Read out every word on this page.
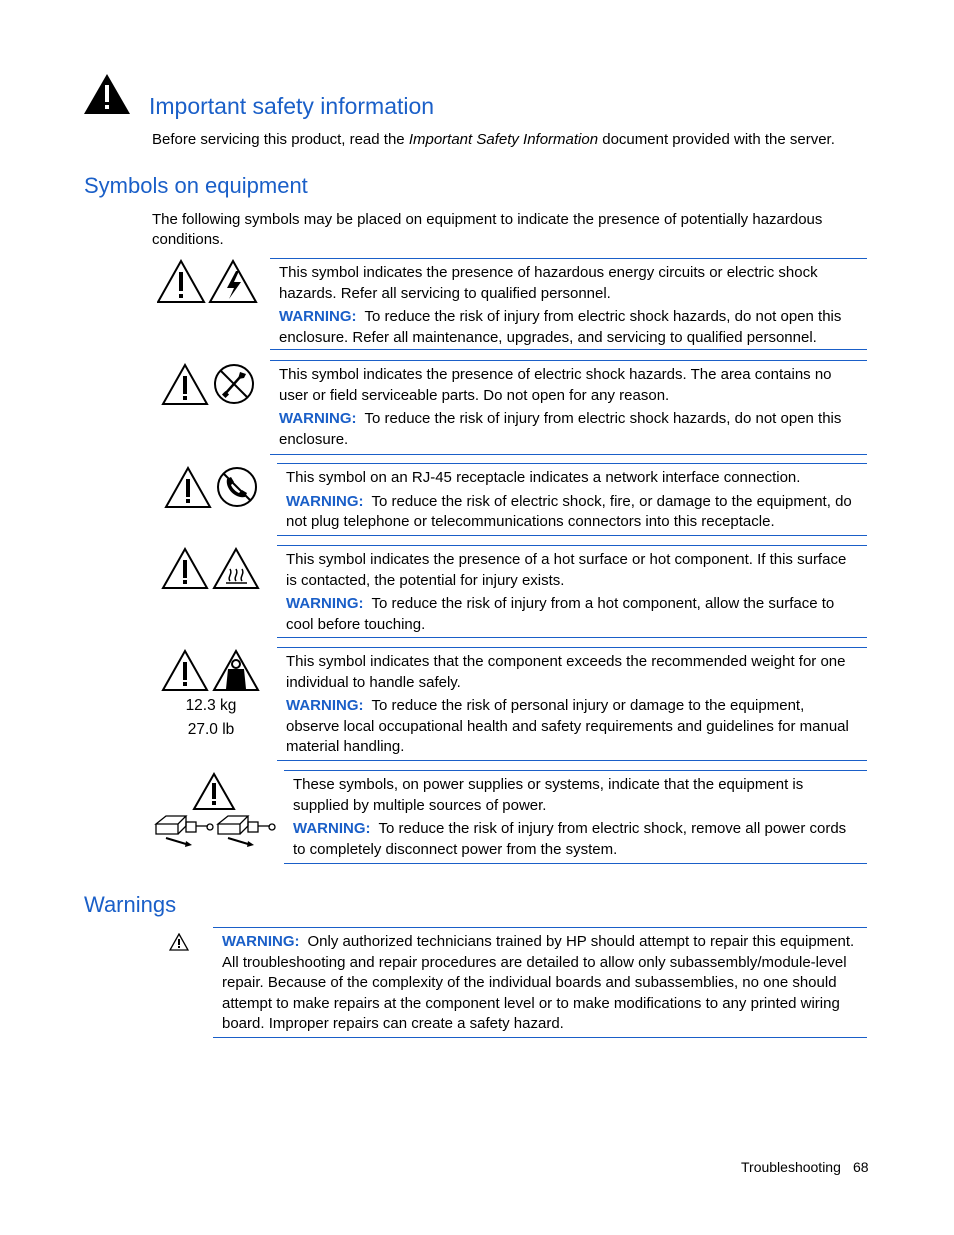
Important safety information
Before servicing this product, read the Important Safety Information document provided with the server.
Symbols on equipment
The following symbols may be placed on equipment to indicate the presence of potentially hazardous conditions.

This symbol indicates the presence of hazardous energy circuits or electric shock hazards. Refer all servicing to qualified personnel.

WARNING: To reduce the risk of injury from electric shock hazards, do not open this enclosure. Refer all maintenance, upgrades, and servicing to qualified personnel.

This symbol indicates the presence of electric shock hazards. The area contains no user or field serviceable parts. Do not open for any reason.

WARNING: To reduce the risk of injury from electric shock hazards, do not open this enclosure.

This symbol on an RJ-45 receptacle indicates a network interface connection.

WARNING: To reduce the risk of electric shock, fire, or damage to the equipment, do not plug telephone or telecommunications connectors into this receptacle.

This symbol indicates the presence of a hot surface or hot component. If this surface is contacted, the potential for injury exists.

WARNING: To reduce the risk of injury from a hot component, allow the surface to cool before touching.

12.3 kg
27.0 lb

This symbol indicates that the component exceeds the recommended weight for one individual to handle safely.

WARNING: To reduce the risk of personal injury or damage to the equipment, observe local occupational health and safety requirements and guidelines for manual material handling.

These symbols, on power supplies or systems, indicate that the equipment is supplied by multiple sources of power.

WARNING: To reduce the risk of injury from electric shock, remove all power cords to completely disconnect power from the system.

Warnings

WARNING: Only authorized technicians trained by HP should attempt to repair this equipment. All troubleshooting and repair procedures are detailed to allow only subassembly/module-level repair. Because of the complexity of the individual boards and subassemblies, no one should attempt to make repairs at the component level or to make modifications to any printed wiring board. Improper repairs can create a safety hazard.

Troubleshooting 68
